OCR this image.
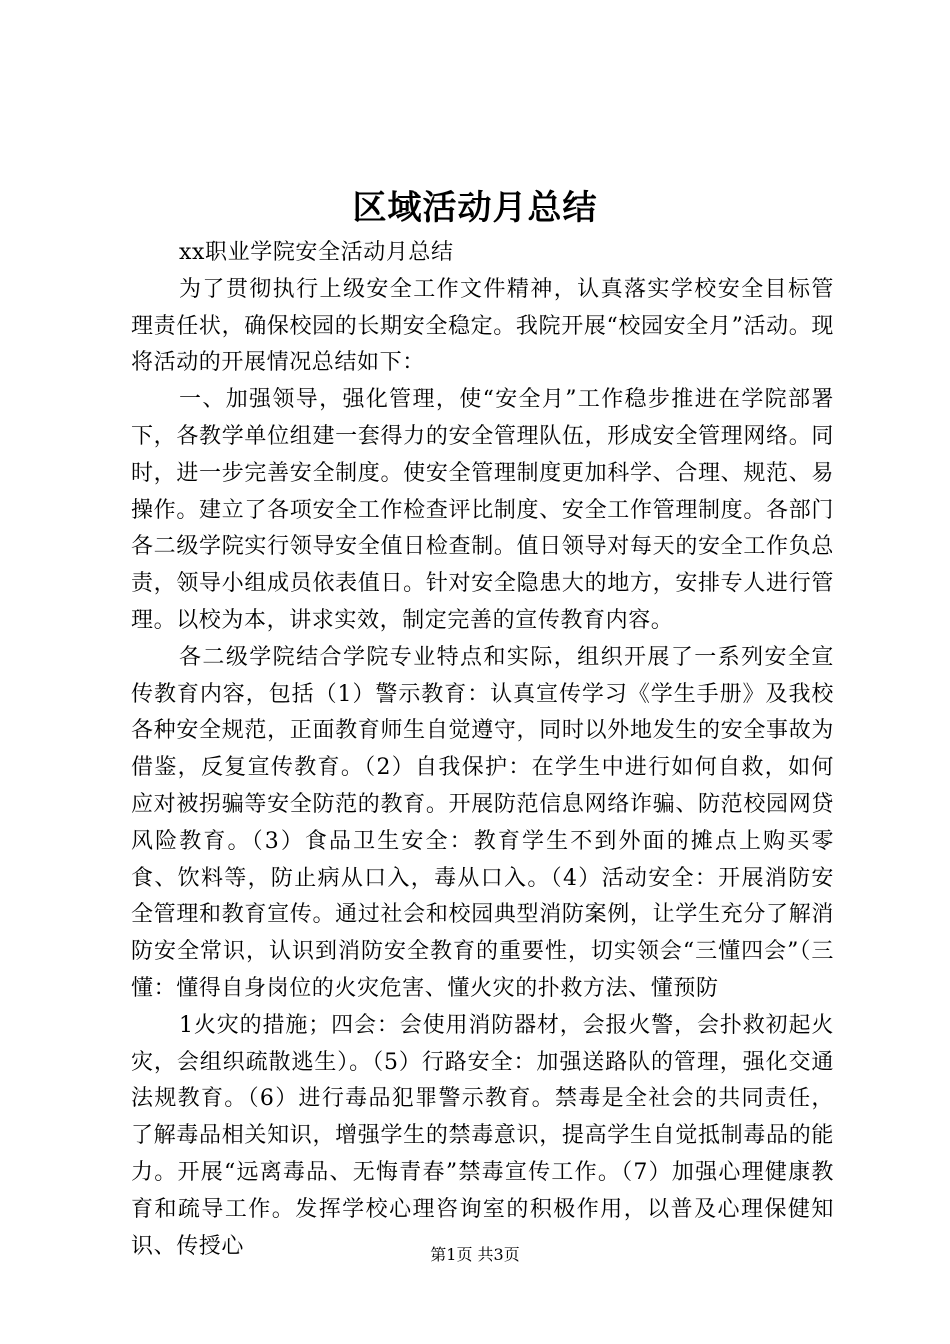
区域活动月总结

xx职业学院安全活动月总结

为了贯彻执行上级安全工作文件精神，认真落实学校安全目标管理责任状，确保校园的长期安全稳定。我院开展“校园安全月”活动。现将活动的开展情况总结如下：

一、加强领导，强化管理，使“安全月”工作稳步推进在学院部署下，各教学单位组建一套得力的安全管理队伍，形成安全管理网络。同时，进一步完善安全制度。使安全管理制度更加科学、合理、规范、易操作。建立了各项安全工作检查评比制度、安全工作管理制度。各部门各二级学院实行领导安全值日检查制。值日领导对每天的安全工作负总责，领导小组成员依表值日。针对安全隐患大的地方，安排专人进行管理。以校为本，讲求实效，制定完善的宣传教育内容。

各二级学院结合学院专业特点和实际，组织开展了一系列安全宣传教育内容，包括（1）警示教育：认真宣传学习《学生手册》及我校各种安全规范，正面教育师生自觉遵守，同时以外地发生的安全事故为借鉴，反复宣传教育。（2）自我保护：在学生中进行如何自救，如何应对被拐骗等安全防范的教育。开展防范信息网络诈骗、防范校园网贷风险教育。（3）食品卫生安全：教育学生不到外面的摊点上购买零食、饮料等，防止病从口入，毒从口入。（4）活动安全：开展消防安全管理和教育宣传。通过社会和校园典型消防案例，让学生充分了解消防安全常识，认识到消防安全教育的重要性，切实领会“三懂四会”（三懂：懂得自身岗位的火灾危害、懂火灾的扑救方法、懂预防

1火灾的措施；四会：会使用消防器材，会报火警，会扑救初起火灾，会组织疏散逃生）。（5）行路安全：加强送路队的管理，强化交通法规教育。（6）进行毒品犯罪警示教育。禁毒是全社会的共同责任，了解毒品相关知识，增强学生的禁毒意识，提高学生自觉抵制毒品的能力。开展“远离毒品、无悔青春”禁毒宣传工作。（7）加强心理健康教育和疏导工作。发挥学校心理咨询室的积极作用，以普及心理保健知识、传授心	第1页 共3页
